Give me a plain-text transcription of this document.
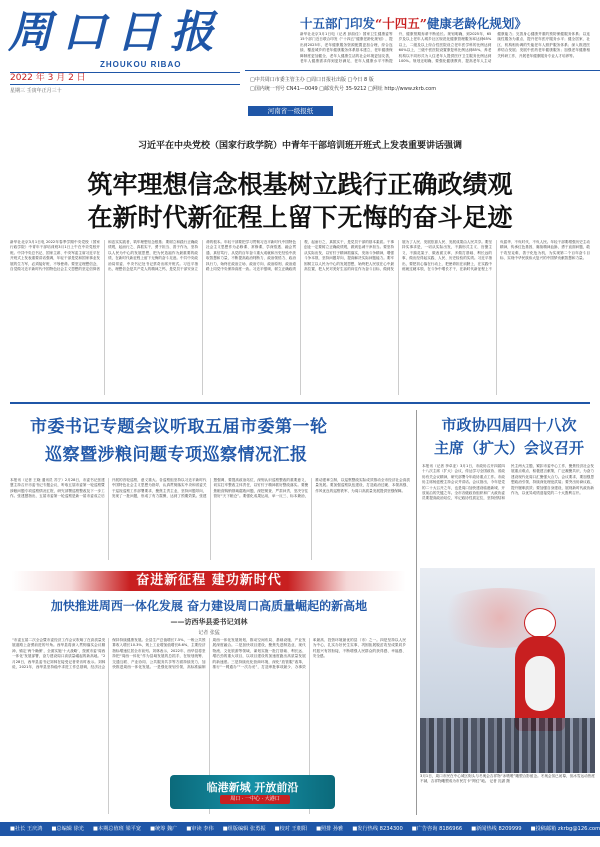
周口日报
ZHOUKOU RIBAO
2022 年 3 月 2 日
星期三 壬寅年正月三十
□中共周口市委主管主办 □周口日报社出版 □今日 8 版
□国内统一刊号 CN41—0049 □邮发代号 35-9212 □网址 http://www.zkrb.com
河南省一级报纸
十五部门印发“十四五”健康老龄化规划》
新华社北京3月1日电（记者 彭韵佳）国家卫生健康委等15个部门近日联合印发《“十四五”健康老龄化规划》，提出到2025年，老年健康服务资源配置更加合理，综合连续、覆盖城乡的老年健康服务体系基本建立，老年健康保障制度更加健全，老年人健康生活的社会环境更加友善，老年人健康需求得到更好满足，老年人健康水平不断提升，健康预期寿命不断延长。规划明确，到2025年，65岁及以上老年人城乡社区规范化健康管理服务率达到65%以上，二级及以上综合性医院设立老年医学科的比例达到60%以上，三级中医医院设置康复科比例达到85%，养老机构以不同形式为入住老年人提供医疗卫生服务比例达到100%。规划还明确，要强化健康教育，提高老年人主动健康能力；完善身心健康并重的预防保健服务体系；以连续性服务为重点，提升老年医疗服务水平；健全居家、社区、机构相协调的失能老年人照护服务体系；深入推进医养结合发展；发展中医药老年健康服务；加强老年健康相关科研工作，开展老年健康服务专业人才培养等。
习近平在中央党校（国家行政学院）中青年干部培训班开班式上发表重要讲话强调
筑牢理想信念根基树立践行正确政绩观
在新时代新征程上留下无悔的奋斗足迹
新华社北京3月1日电 2022年春季学期中央党校（国家行政学院）中青年干部培训班3月1日上午在中央党校开班。中共中央总书记、国家主席、中央军委主席习近平在开班式上发表重要讲话强调，年轻干部是党和国家事业发展的生力军，必须接好班、不辱使命。要坚定理想信念，自觉做习近平新时代中国特色社会主义思想的坚定信仰者和忠实实践者，筑牢理想信念根基；要树立和践行正确政绩观，起而行之、真抓实干，勇于担当、善于作为，坚持以人民为中心的发展思想，把为民造福作为最重要的政绩，在新时代新征程上留下无悔的奋斗足迹。中共中央政治局常委、中央书记处书记蔡奇出席开班式。习近平指出，理想信念是共产党人的精神之钙，是党员干部安身立命的根本。年轻干部要把学习贯彻习近平新时代中国特色社会主义思想作为必修课、常修课，学深悟透、融会贯通、真信笃行，从党的百年奋斗重大成就和历史经验中汲取智慧和力量，不断提高政治判断力、政治领悟力、政治执行力，始终在政治立场、政治方向、政治原则、政治道路上同党中央保持高度一致。习近平强调，树立正确政绩观，起而行之、真抓实干，是党员干部的基本素质。干事创业一定要树立正确政绩观，做到忠诚干净担当。要坚持从实际出发，以钉钉子精神抓落实，发扬斗争精神，增强斗争本领，坚持问题导向，提高解决实际问题能力。要牢固树立以人民为中心的发展思想，始终把人民放在心中最高位置，把人民对美好生活的向往作为奋斗目标，做到发展为了人民、发展依靠人民、发展成果由人民共享。要坚持实事求是，一切从实际出发，不搞形式主义、官僚主义，不搞花架子、做表面文章，多做打基础、利长远的事，做出经得起实践、人民、历史检验的实绩。习近平指出，要把初心落在行动上、把使命担在肩膀上，在实践中练就过硬本领，在斗争中增长才干，在新时代新征程上不负韶华、不负时代、不负人民。年轻干部要增强历史主动精神，传承红色基因，赓续精神血脉，勇于直面问题，敢于攻坚克难，善于化危为机，为实现第二个百年奋斗目标、实现中华民族伟大复兴的中国梦贡献智慧和力量。
市委书记专题会议听取五届市委第一轮
巡察暨涉粮问题专项巡察情况汇报
本报讯（记者 王晓 通讯员 苏宁）2月28日，市委书记张建慧主持召开市委书记专题会议，听取五届市委第一轮巡察暨涉粮问题专项巡察情况汇报，研究部署巡察整改及下一步工作。张建慧指出，五届市委第一轮巡察是新一届市委成立后开展的首轮巡察，意义重大。各巡察组坚持以习近平新时代中国特色社会主义思想为指导，认真贯彻落实中央和省委关于巡视巡察工作部署要求，聚焦主责主业，坚持问题导向，发现了一批问题，形成了有力震慑，达到了预期效果。张建慧强调，要提高政治站位，深刻认识巡察整改的重要意义，切实扛牢整改主体责任，以钉钉子精神抓好整改落实。要聚焦粮食购销领域腐败问题，深挖彻查、严肃问责，坚决守住管好“天下粮仓”。要强化成果运用，举一反三、标本兼治，推动建章立制，以巡察整改实际成效推动全市经济社会高质量发展。要加强巡察队伍建设，打造政治过硬、本领高强、作风优良的巡察铁军，为周口高质量发展提供坚强保障。
市政协四届四十八次
主席（扩大）会议召开
本报讯（记者 李卓亚）3月1日，市政协召开四届四十八次主席（扩大）会议，传达学习全国政协、省政协有关会议精神，研究部署今年政协重点工作。市政协主席杨廷俊主持会议并讲话。会议指出，今年是党的二十大召开之年，也是周口加快建设临港新城、开放前沿的关键之年。全市各级政协组织和广大政协委员要提高政治站位，牢记政协性质定位，坚持团结和民主两大主题，紧扣市委中心工作，聚焦经济社会发展重点难点，积极建言献策，广泛凝聚共识，为奋力建设现代化周口汇聚强大合力。会议要求，要加强思想政治引领，持续深化理论武装；要突出协商议政，提升履职质效；要加强自身建设，展现新时代政协新作为，以优异成绩迎接党的二十大胜利召开。
奋进新征程 建功新时代
加快推进周西一体化发展 奋力建设周口高质量崛起的新高地
——访西华县委书记刘林
记者 张猛
“市委五届二次全会暨市委经济工作会议吹响了在高质量发展道路上奋勇前进的号角。西华县将深入贯彻落实会议精神，锚定‘两个确保’，全面实施‘十大战略’，按照市委‘周西一体化’发展部署，奋力建设周口高质量崛起的新高地。”2月28日，西华县委书记刘林在接受记者采访时表示。刘林说，2021年，西华县坚持稳中求进工作总基调，经济社会保持持续健康发展。全县生产总值增长7.5%，一般公共预算收入增长10.3%，规上工业增加值增长8.6%，主要经济指标增速位居全市前列。刘林表示，2022年，西华县将坚持把“周西一体化”作为县域发展的总抓手，在规划统筹、交通互联、产业协同、公共服务共享等方面持续发力，加快推进周西一体化发展。一是强化规划引领，高标准编制周西一体化发展规划，推动空间布局、基础设施、产业发展深度融合。二是加快项目建设，聚焦先进制造业、现代物流、文化旅游等领域，谋划实施一批打基础、利长远、增后劲的重大项目，以项目建设的加速度跑出高质量发展的新速度。三是持续优化营商环境，深化“放管服”改革，推行“一网通办”“一次办妥”，打造审批事项最少、办事效率最高、投资环境最优的县（市）之一。四是坚持以人民为中心，扎实办好民生实事，巩固拓展脱贫攻坚成果同乡村振兴有效衔接，不断增强人民群众的获得感、幸福感、安全感。
临港新城 开放前沿
周口 · 一中心 · 大港口
3月1日，周口市民在中心城区街头与冬奥会吉祥物“冰墩墩”雕塑合影留念。冬奥会虽已闭幕，但冰雪运动热度不减，吉祥物雕塑成为市民打卡“网红”地。 记者 沈湛 摄
■社长 王庆鸿 ■总编辑 徐光 ■本期总值班 梁平宽 ■统筹 魏广 ■审读 李伟 ■组版编辑 张勇振 ■校对 王朝阳 ■照排 孙雅 ■发行热线 8234300 ■广告咨询 8186966 ■新闻热线 8209999 ■投稿邮箱 zkrbg@126.com
